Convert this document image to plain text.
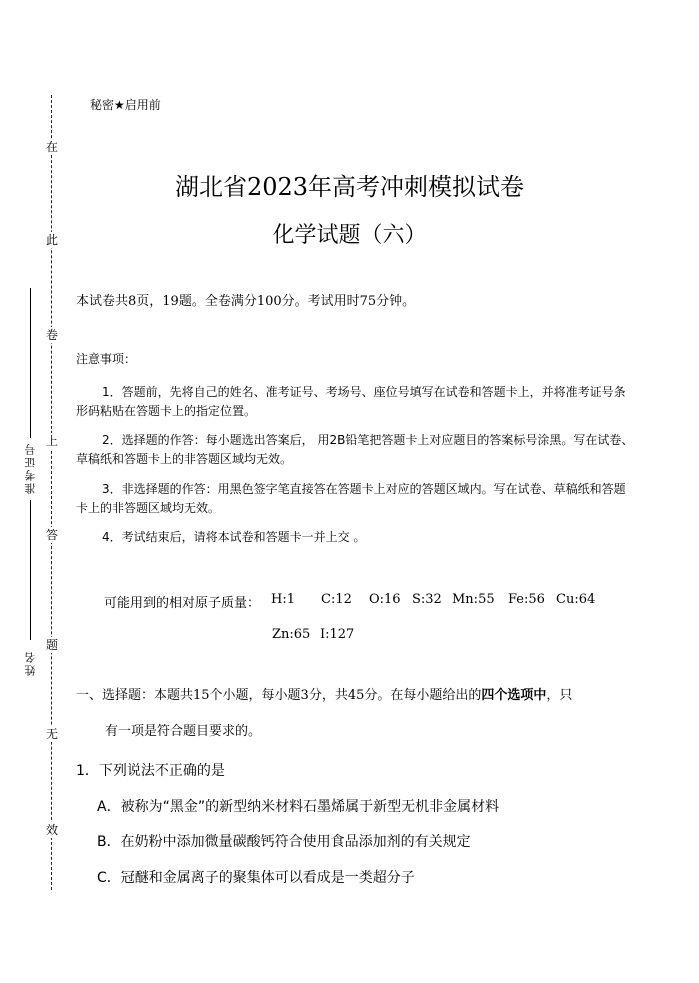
在
此
卷
上
答
题
无
效
准考证号
姓名
秘密★启用前
湖北省2023年高考冲刺模拟试卷
化学试题（六）
本试卷共8页，19题。全卷满分100分。考试用时75分钟。
注意事项：
1．答题前，先将自己的姓名、准考证号、考场号、座位号填写在试卷和答题卡上，并将准考证号条形码粘贴在答题卡上的指定位置。
2．选择题的作答：每小题选出答案后， 用2B铅笔把答题卡上对应题目的答案标号涂黑。写在试卷、草稿纸和答题卡上的非答题区域均无效。
3．非选择题的作答：用黑色签字笔直接答在答题卡上对应的答题区域内。写在试卷、草稿纸和答题卡上的非答题区域均无效。
4．考试结束后，请将本试卷和答题卡一并上交 。
可能用到的相对原子质量： H:1 C:12 O:16 S:32 Mn:55 Fe:56 Cu:64
Zn:65 I:127
一、选择题：本题共15个小题，每小题3分，共45分。在每小题给出的四个选项中，只
有一项是符合题目要求的。
1．下列说法不正确的是
A．被称为“黑金”的新型纳米材料石墨烯属于新型无机非金属材料
B．在奶粉中添加微量碳酸钙符合使用食品添加剂的有关规定
C．冠醚和金属离子的聚集体可以看成是一类超分子
